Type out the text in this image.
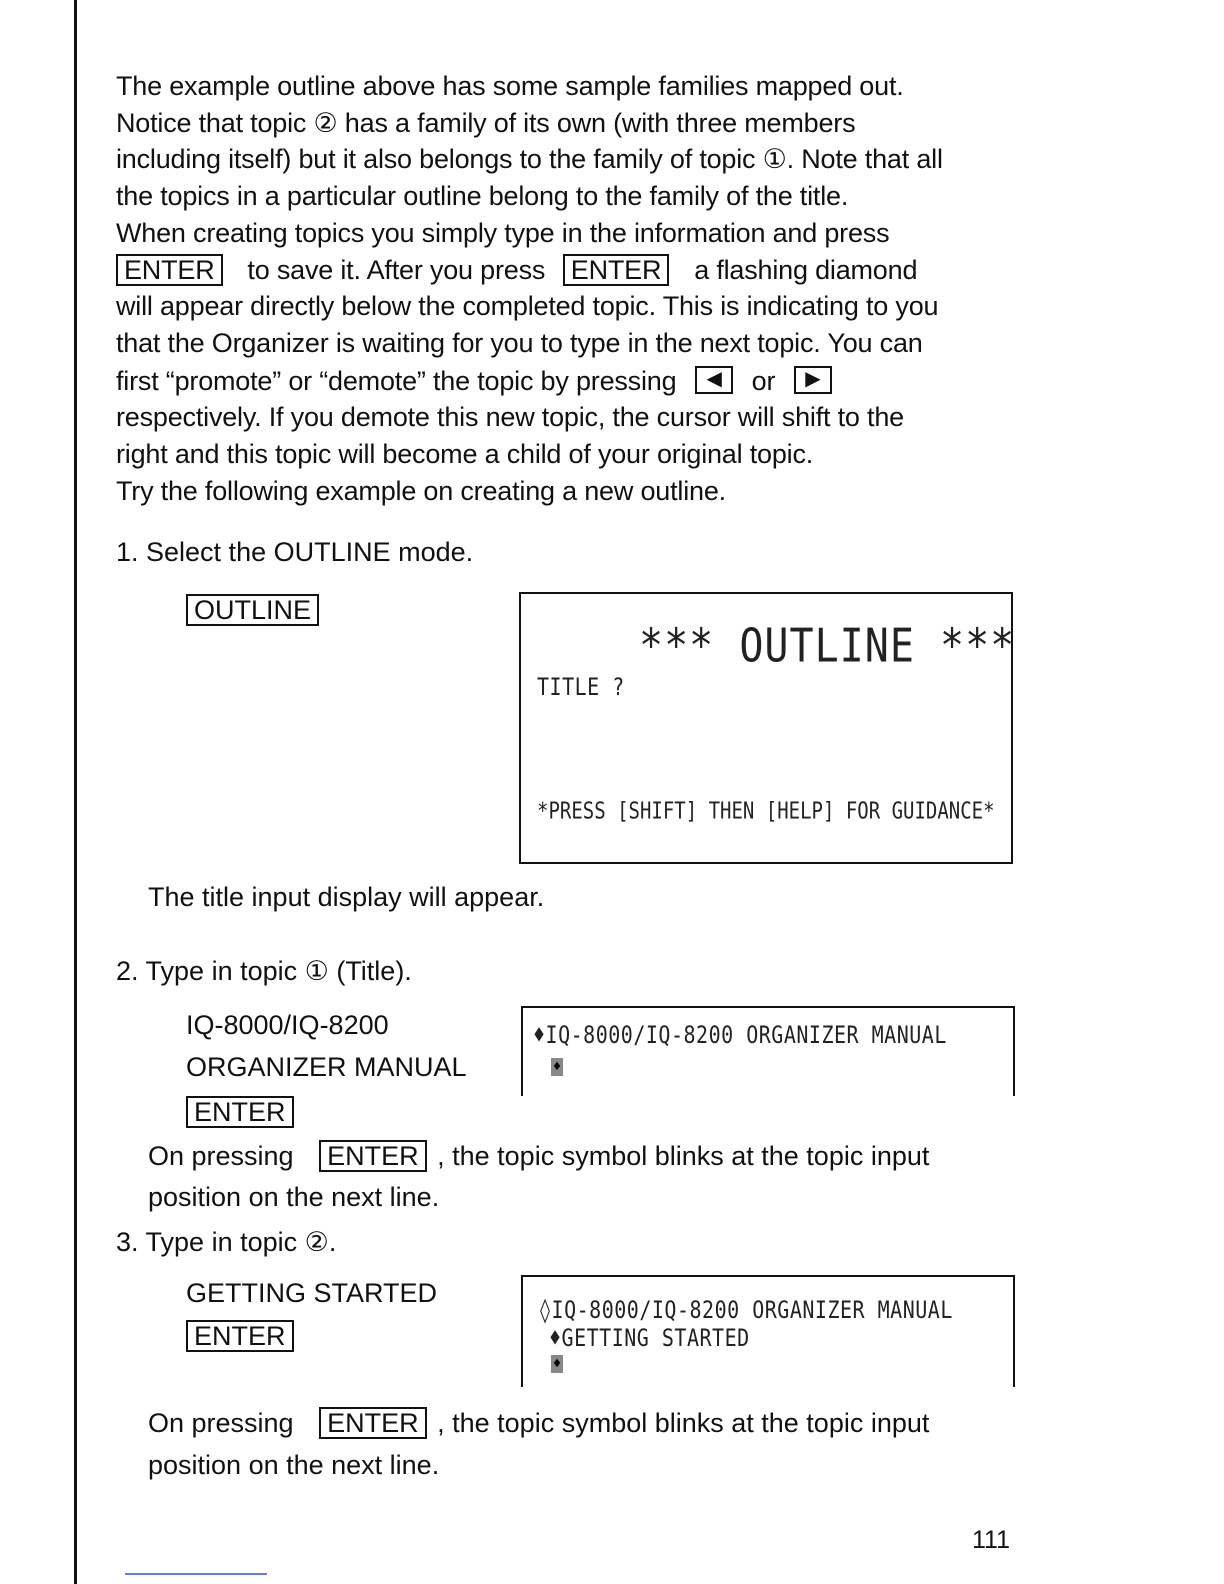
The example outline above has some sample families mapped out.
Notice that topic ② has a family of its own (with three members
including itself) but it also belongs to the family of topic ①. Note that all
the topics in a particular outline belong to the family of the title.
When creating topics you simply type in the information and press
ENTER to save it. After you press ENTER a flashing diamond
will appear directly below the completed topic. This is indicating to you
that the Organizer is waiting for you to type in the next topic. You can
first “promote” or “demote” the topic by pressing	◀	or	▶
respectively. If you demote this new topic, the cursor will shift to the
right and this topic will become a child of your original topic.
Try the following example on creating a new outline.
1. Select the OUTLINE mode.
OUTLINE
*** OUTLINE ***
TITLE ?
*PRESS [SHIFT] THEN [HELP] FOR GUIDANCE*
The title input display will appear.
2. Type in topic ① (Title).
IQ-8000/IQ-8200
ORGANIZER MANUAL
ENTER
♦IQ-8000/IQ-8200 ORGANIZER MANUAL
♦
On pressing ENTER , the topic symbol blinks at the topic input
position on the next line.
3. Type in topic ②.
GETTING STARTED
ENTER
◊IQ-8000/IQ-8200 ORGANIZER MANUAL
♦GETTING STARTED
♦
On pressing ENTER , the topic symbol blinks at the topic input
position on the next line.
111
